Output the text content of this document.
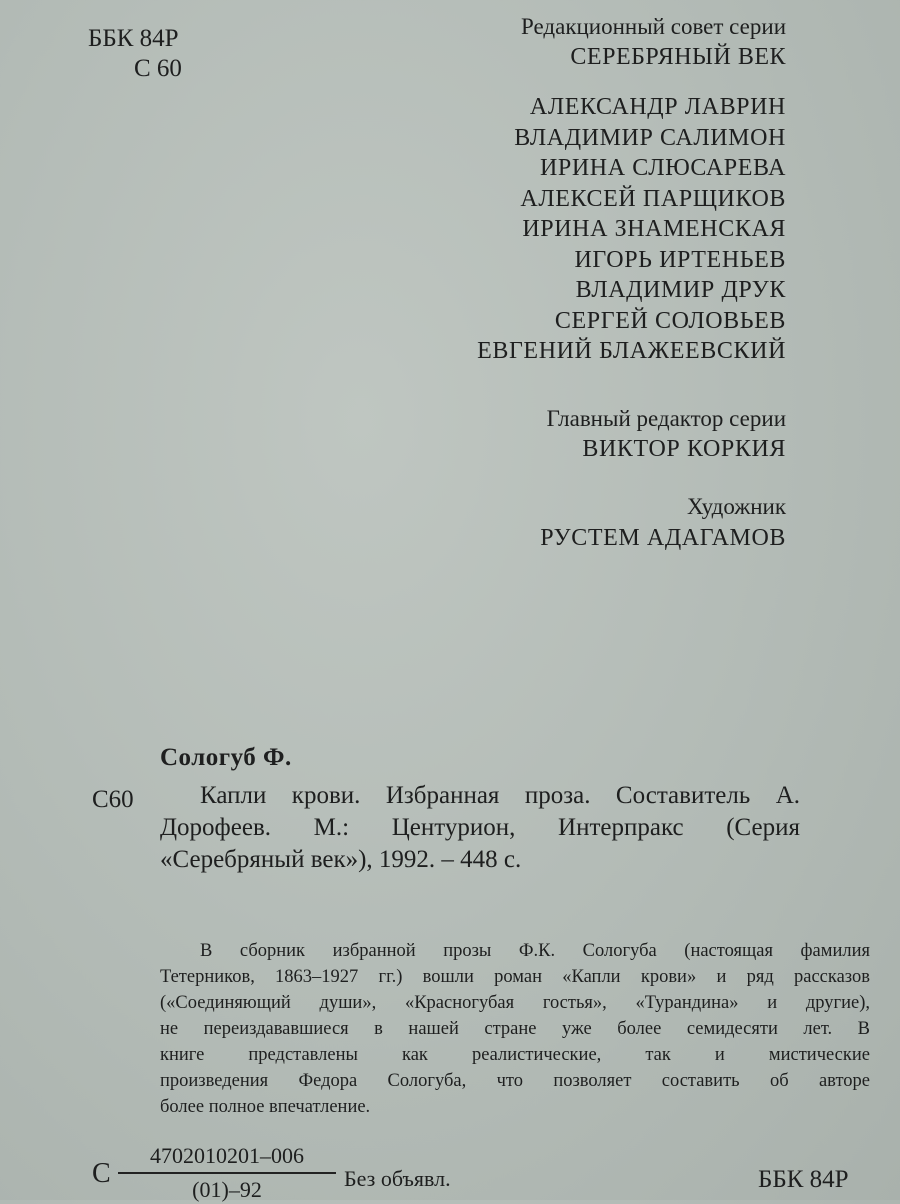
ББК 84Р
С 60
Редакционный совет серии
СЕРЕБРЯНЫЙ ВЕК
АЛЕКСАНДР ЛАВРИН
ВЛАДИМИР САЛИМОН
ИРИНА СЛЮСАРЕВА
АЛЕКСЕЙ ПАРЩИКОВ
ИРИНА ЗНАМЕНСКАЯ
ИГОРЬ ИРТЕНЬЕВ
ВЛАДИМИР ДРУК
СЕРГЕЙ СОЛОВЬЕВ
ЕВГЕНИЙ БЛАЖЕЕВСКИЙ
Главный редактор серии
ВИКТОР КОРКИЯ
Художник
РУСТЕМ АДАГАМОВ
Сологуб Ф.
С60	Капли крови. Избранная проза. Составитель А.
Дорофеев. М.: Центурион, Интерпракс (Серия
«Серебряный век»), 1992. – 448 с.
В сборник избранной прозы Ф.К. Сологуба (настоящая фамилия
Тетерников, 1863–1927 гг.) вошли роман «Капли крови» и ряд рассказов
(«Соединяющий души», «Красногубая гостья», «Турандина» и другие),
не переиздававшиеся в нашей стране уже более семидесяти лет. В
книге представлены как реалистические, так и мистические
произведения Федора Сологуба, что позволяет составить об авторе
более полное впечатление.
С
4702010201–006
(01)–92	Без объявл.	ББК 84Р
